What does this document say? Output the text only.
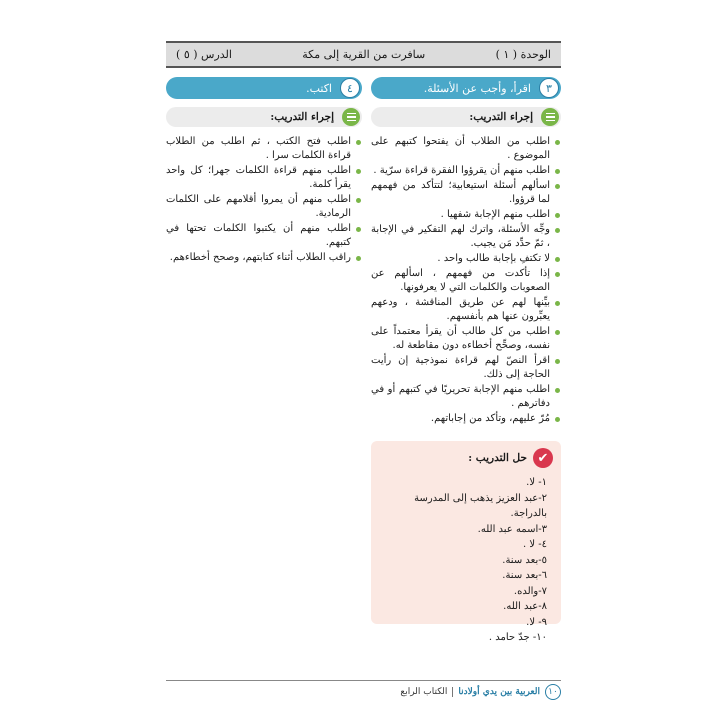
الوحدة ( ١ )
سافرت من القرية إلى مكة
الدرس ( ٥ )
٣
اقرأ، وأجب عن الأسئلة.
إجراء التدريب:
اطلب من الطلاب أن يفتحوا كتبهم على الموضوع .
اطلب منهم أن يقرؤوا الفقرة قراءة سرّية .
اسألهم أسئلة استيعابية؛ لتتأكد من فهمهم لما قرؤوا.
اطلب منهم الإجابة شفهيا .
وجِّه الأسئلة، واترك لهم التفكير في الإجابة ، ثمّ حدِّد مَن يجيب.
لا تكتفِ بإجابة طالب واحد .
إذا تأكدت من فهمهم ، اسألهم عن الصعوبات والكلمات التي لا يعرفونها.
بيِّنها لهم عن طريق المناقشة ، ودعهم يعبِّرون عنها هم بأنفسهم.
اطلب من كل طالب أن يقرأ معتمداً على نفسه، وصحِّح أخطاءه دون مقاطعة له.
اقرأ النصّ لهم قراءة نموذجية إن رأيت الحاجة إلى ذلك.
اطلب منهم الإجابة تحريريًا في كتبهم أو في دفاترهم .
مُرّ عليهم، وتأكد من إجاباتهم.
٤
اكتب.
إجراء التدريب:
اطلب فتح الكتب ، ثم اطلب من الطلاب قراءة الكلمات سرا .
اطلب منهم قراءة الكلمات جهرا؛ كل واحد يقرأ كلمة.
اطلب منهم أن يمروا أقلامهم على الكلمات الرمادية.
اطلب منهم أن يكتبوا الكلمات تحتها في كتبهم.
راقب الطلاب أثناء كتابتهم، وصحح أخطاءهم.
✔
حل التدريب :
١- لا.
٢-عبد العزيز يذهب إلى المدرسة بالدراجة.
٣-اسمه عبد الله.
٤- لا .
٥-بعد سنة.
٦-بعد سنة.
٧-والده.
٨-عبد الله.
٩- لا.
١٠- جدّ حامد .
١٠
العربية بين يدي أولادنا
الكتاب الرابع
